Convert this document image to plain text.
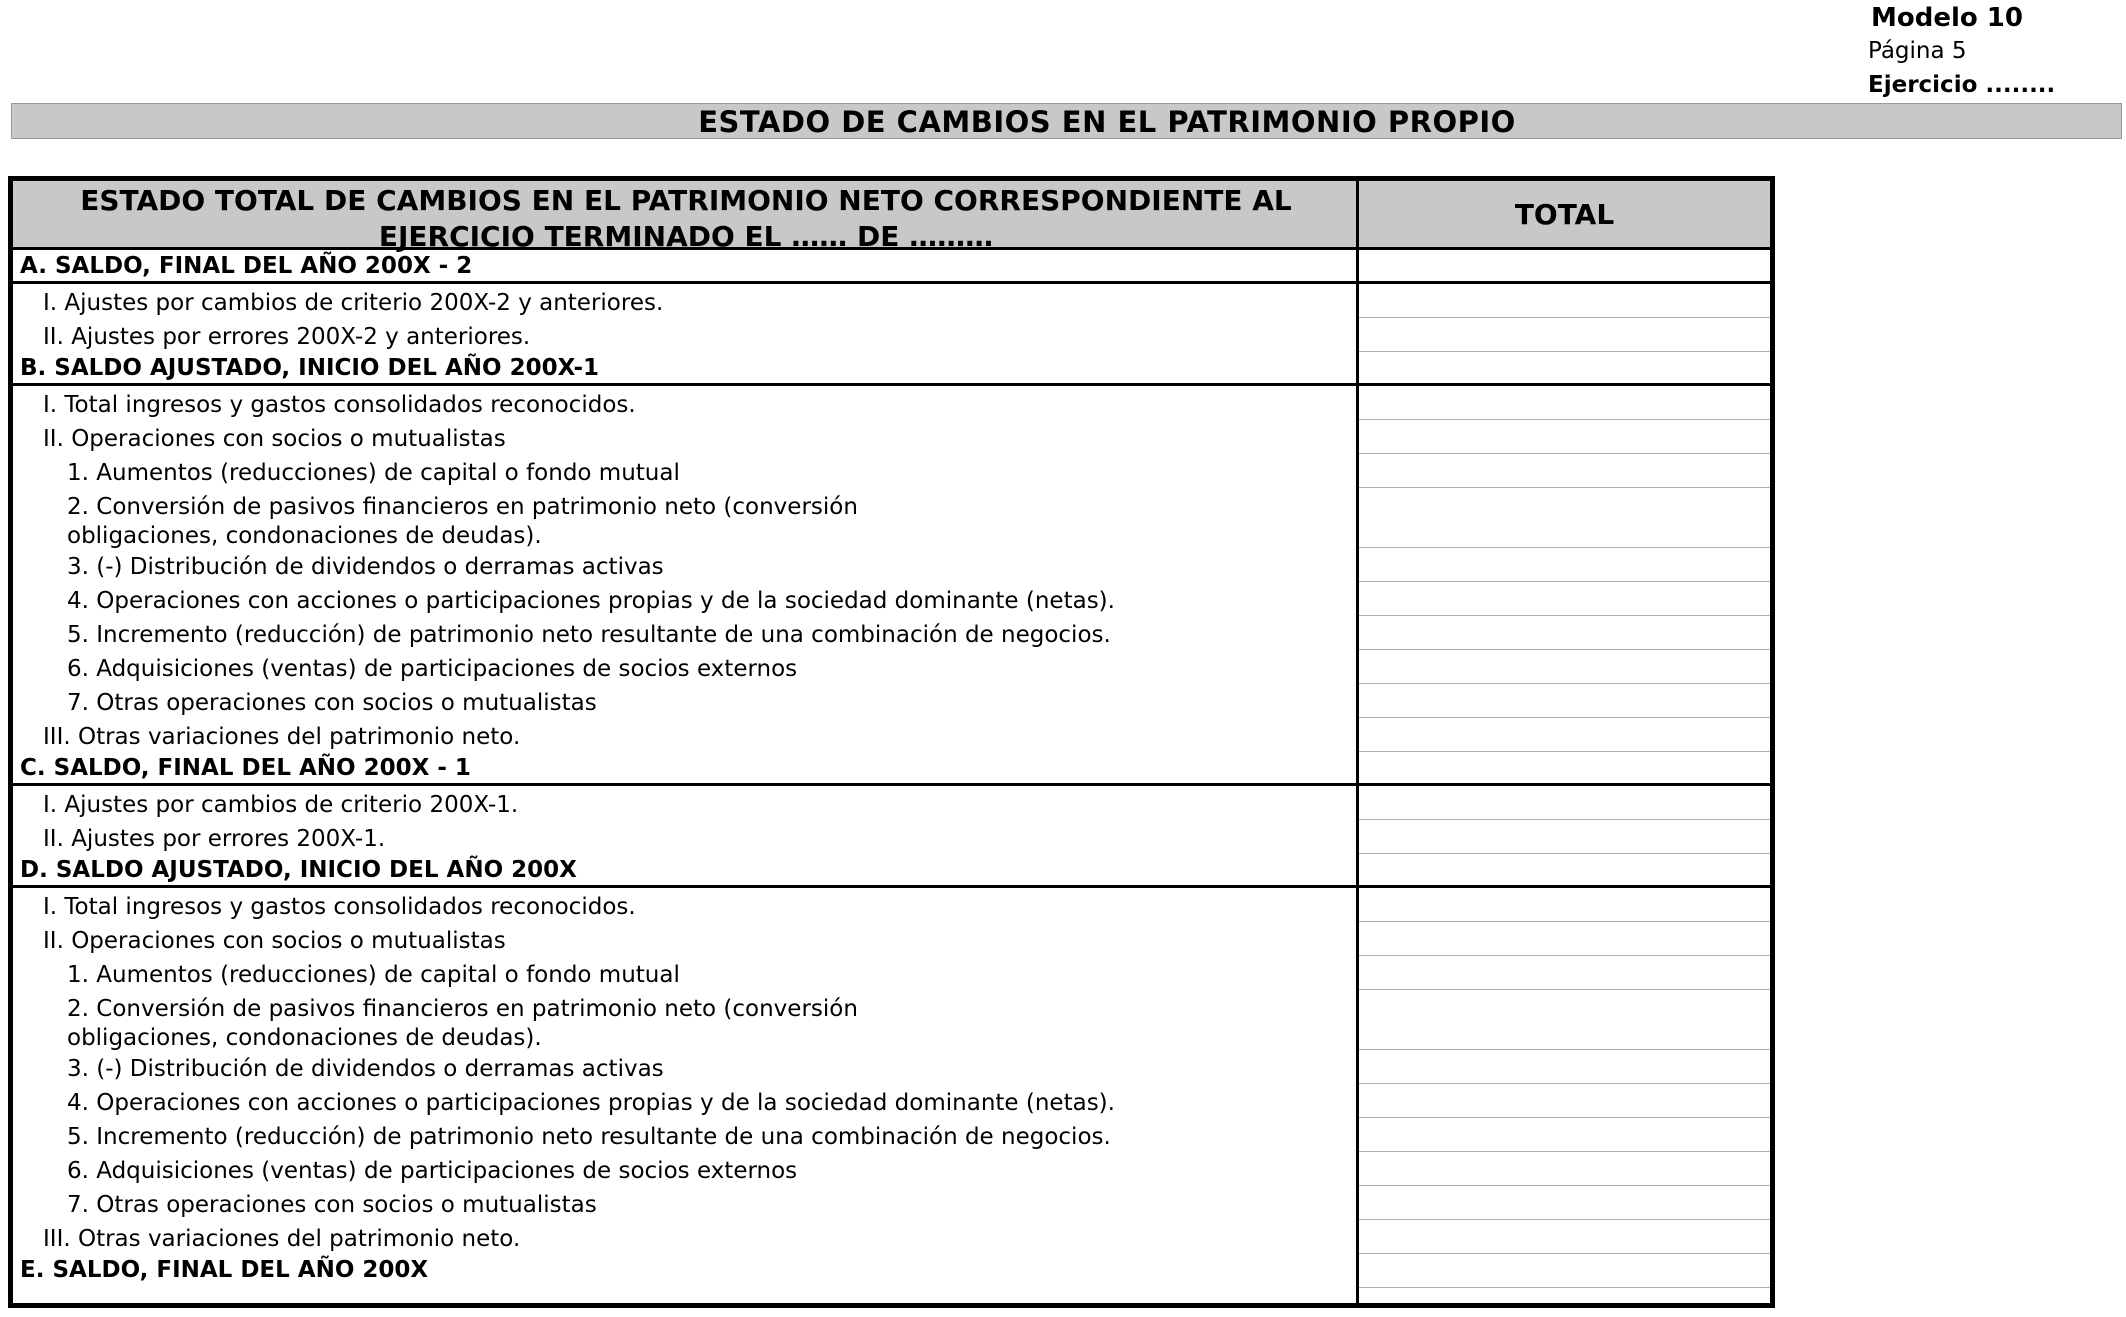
Modelo 10
Página 5
Ejercicio ........
ESTADO DE CAMBIOS EN EL PATRIMONIO PROPIO
ESTADO TOTAL DE CAMBIOS EN EL PATRIMONIO NETO CORRESPONDIENTE AL EJERCICIO TERMINADO EL …… DE ………
TOTAL
A. SALDO, FINAL DEL AÑO 200X - 2
I. Ajustes por cambios de criterio 200X-2 y anteriores.
II. Ajustes por errores 200X-2 y anteriores.
B. SALDO AJUSTADO, INICIO DEL AÑO 200X-1
I. Total ingresos y gastos consolidados reconocidos.
II. Operaciones con socios o mutualistas
1. Aumentos (reducciones) de capital o fondo mutual
2. Conversión de pasivos financieros en patrimonio neto (conversión obligaciones, condonaciones de deudas).
3. (-) Distribución de dividendos o derramas activas
4. Operaciones con acciones o participaciones propias y de la sociedad dominante (netas).
5. Incremento (reducción) de patrimonio neto resultante de una combinación de negocios.
6. Adquisiciones (ventas) de participaciones de socios externos
7. Otras operaciones con socios o mutualistas
III. Otras variaciones del patrimonio neto.
C. SALDO, FINAL DEL AÑO 200X - 1
I. Ajustes por cambios de criterio 200X-1.
II. Ajustes por errores 200X-1.
D. SALDO AJUSTADO, INICIO DEL AÑO 200X
I. Total ingresos y gastos consolidados reconocidos.
II. Operaciones con socios o mutualistas
1. Aumentos (reducciones) de capital o fondo mutual
2. Conversión de pasivos financieros en patrimonio neto (conversión obligaciones, condonaciones de deudas).
3. (-) Distribución de dividendos o derramas activas
4. Operaciones con acciones o participaciones propias y de la sociedad dominante (netas).
5. Incremento (reducción) de patrimonio neto resultante de una combinación de negocios.
6. Adquisiciones (ventas) de participaciones de socios externos
7. Otras operaciones con socios o mutualistas
III. Otras variaciones del patrimonio neto.
E. SALDO, FINAL DEL AÑO 200X
